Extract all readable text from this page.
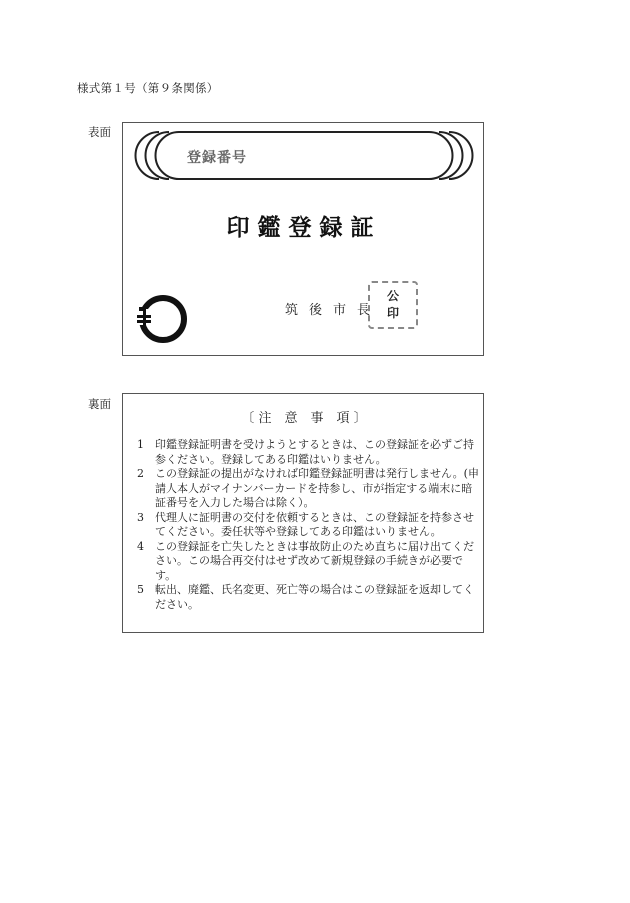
様式第１号（第９条関係）
表面
登録番号
印鑑登録証
筑後市長
公
印
裏面
〔 注　意　事　項 〕
1	印鑑登録証明書を受けようとするときは、この登録証を必ずご持参ください。登録してある印鑑はいりません。
2	この登録証の提出がなければ印鑑登録証明書は発行しません。(申請人本人がマイナンバーカードを持参し、市が指定する端末に暗証番号を入力した場合は除く）。
3	代理人に証明書の交付を依頼するときは、この登録証を持参させてください。委任状等や登録してある印鑑はいりません。
4	この登録証を亡失したときは事故防止のため直ちに届け出てください。この場合再交付はせず改めて新規登録の手続きが必要です。
5	転出、廃鑑、氏名変更、死亡等の場合はこの登録証を返却してください。
